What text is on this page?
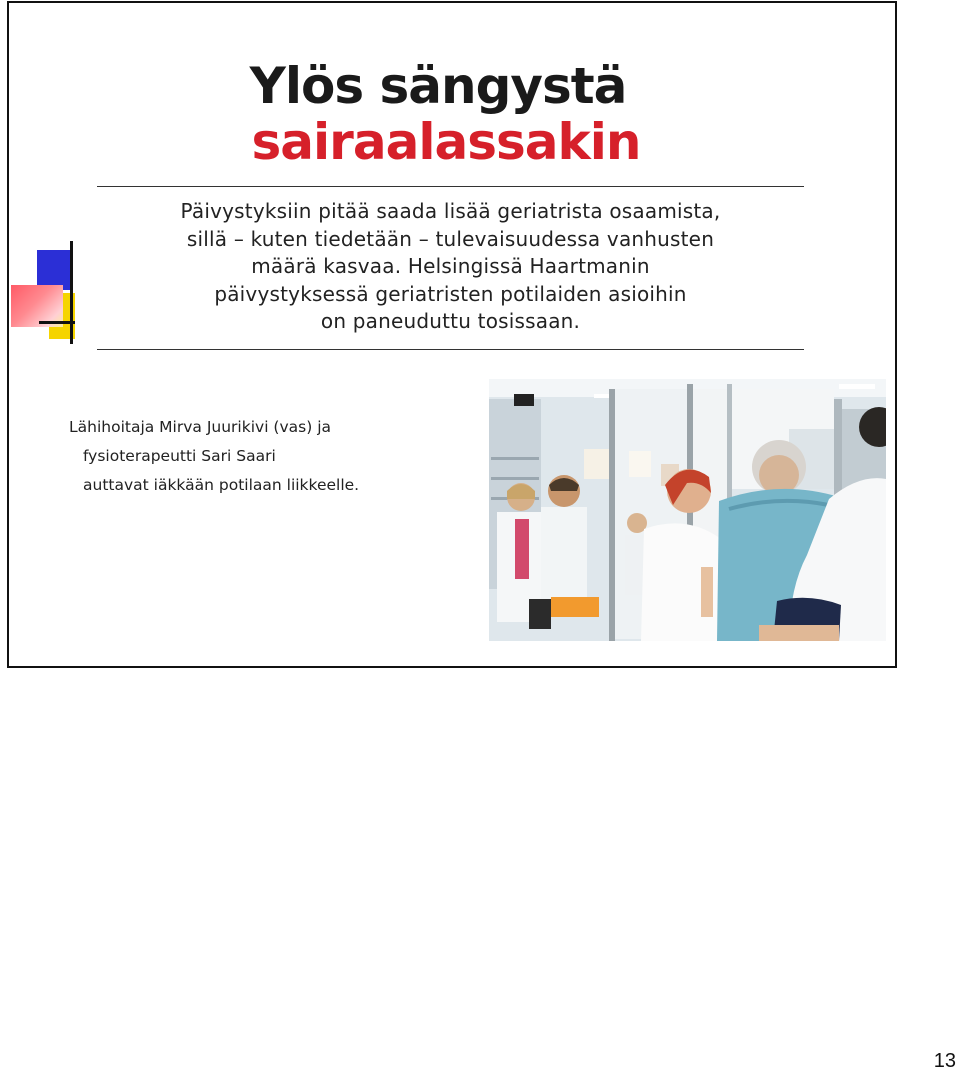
Ylös sängystä
sairaalassakin
Päivystyksiin pitää saada lisää geriatrista osaamista,
sillä – kuten tiedetään – tulevaisuudessa vanhusten
määrä kasvaa. Helsingissä Haartmanin
päivystyksessä geriatristen potilaiden asioihin
on paneuduttu tosissaan.
Lähihoitaja Mirva Juurikivi (vas) ja
fysioterapeutti Sari Saari
auttavat iäkkään potilaan liikkeelle.
13
